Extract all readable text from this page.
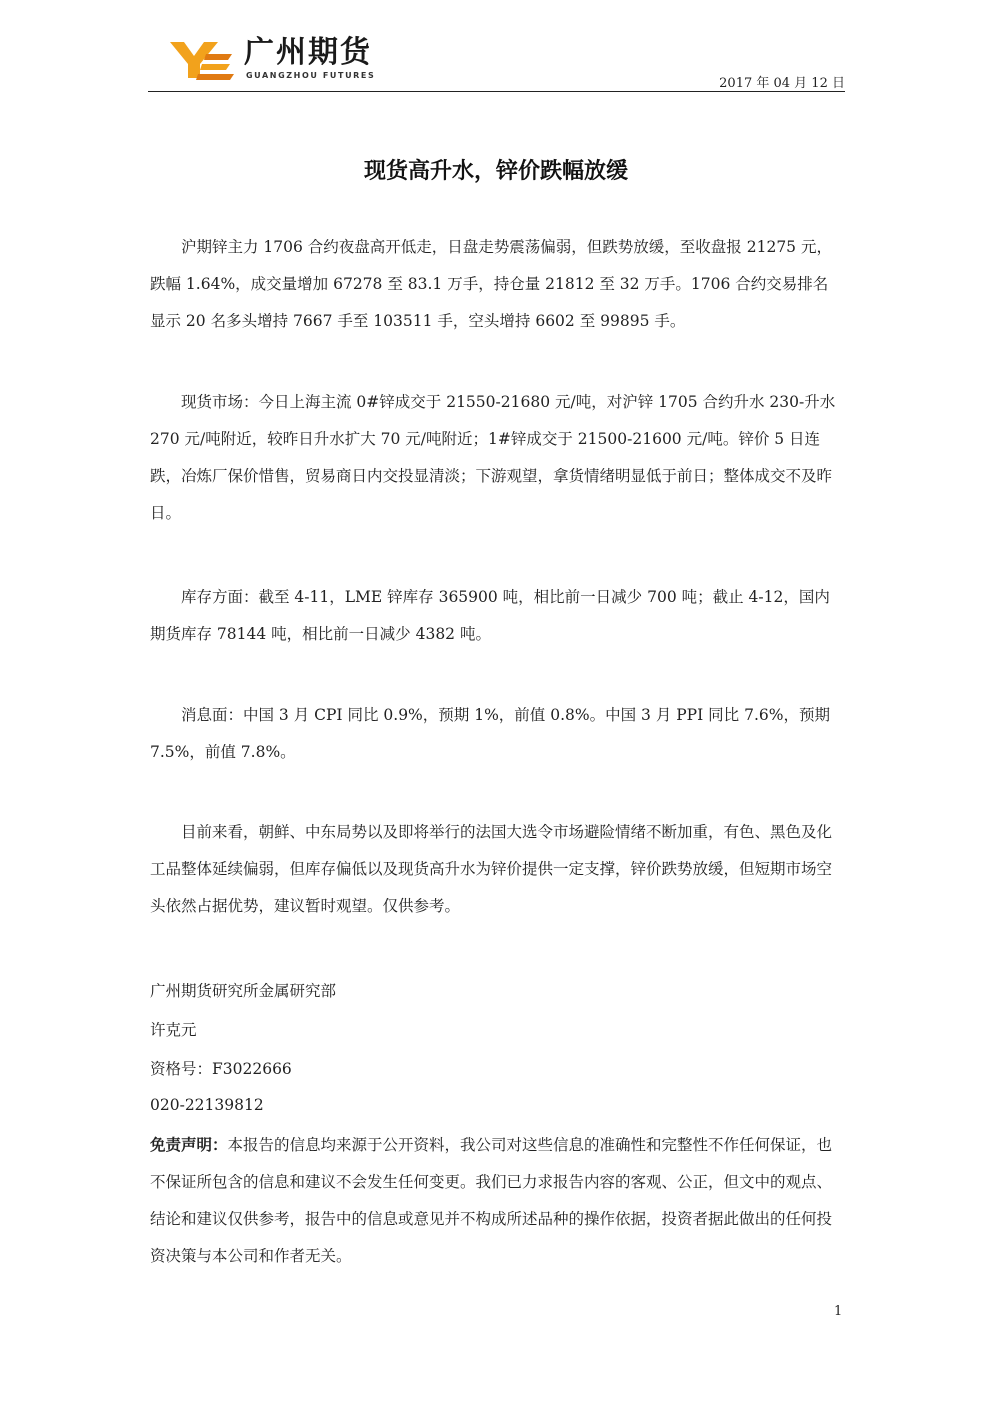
广州期货
GUANGZHOU FUTURES
2017 年 04 月 12 日
现货高升水，锌价跌幅放缓

沪期锌主力 1706 合约夜盘高开低走，日盘走势震荡偏弱，但跌势放缓，至收盘报 21275 元，跌幅 1.64%，成交量增加 67278 至 83.1 万手，持仓量 21812 至 32 万手。1706 合约交易排名显示 20 名多头增持 7667 手至 103511 手，空头增持 6602 至 99895 手。

现货市场：今日上海主流 0#锌成交于 21550-21680 元/吨，对沪锌 1705 合约升水 230-升水 270 元/吨附近，较昨日升水扩大 70 元/吨附近；1#锌成交于 21500-21600 元/吨。锌价 5 日连跌，冶炼厂保价惜售，贸易商日内交投显清淡；下游观望，拿货情绪明显低于前日；整体成交不及昨日。

库存方面：截至 4-11，LME 锌库存 365900 吨，相比前一日减少 700 吨；截止 4-12，国内期货库存 78144 吨，相比前一日减少 4382 吨。

消息面：中国 3 月 CPI 同比 0.9%，预期 1%，前值 0.8%。中国 3 月 PPI 同比 7.6%，预期 7.5%，前值 7.8%。

目前来看，朝鲜、中东局势以及即将举行的法国大选令市场避险情绪不断加重，有色、黑色及化工品整体延续偏弱，但库存偏低以及现货高升水为锌价提供一定支撑，锌价跌势放缓，但短期市场空头依然占据优势，建议暂时观望。仅供参考。

广州期货研究所金属研究部

许克元

资格号：F3022666

020-22139812

免责声明：本报告的信息均来源于公开资料，我公司对这些信息的准确性和完整性不作任何保证，也不保证所包含的信息和建议不会发生任何变更。我们已力求报告内容的客观、公正，但文中的观点、结论和建议仅供参考，报告中的信息或意见并不构成所述品种的操作依据，投资者据此做出的任何投资决策与本公司和作者无关。

1
